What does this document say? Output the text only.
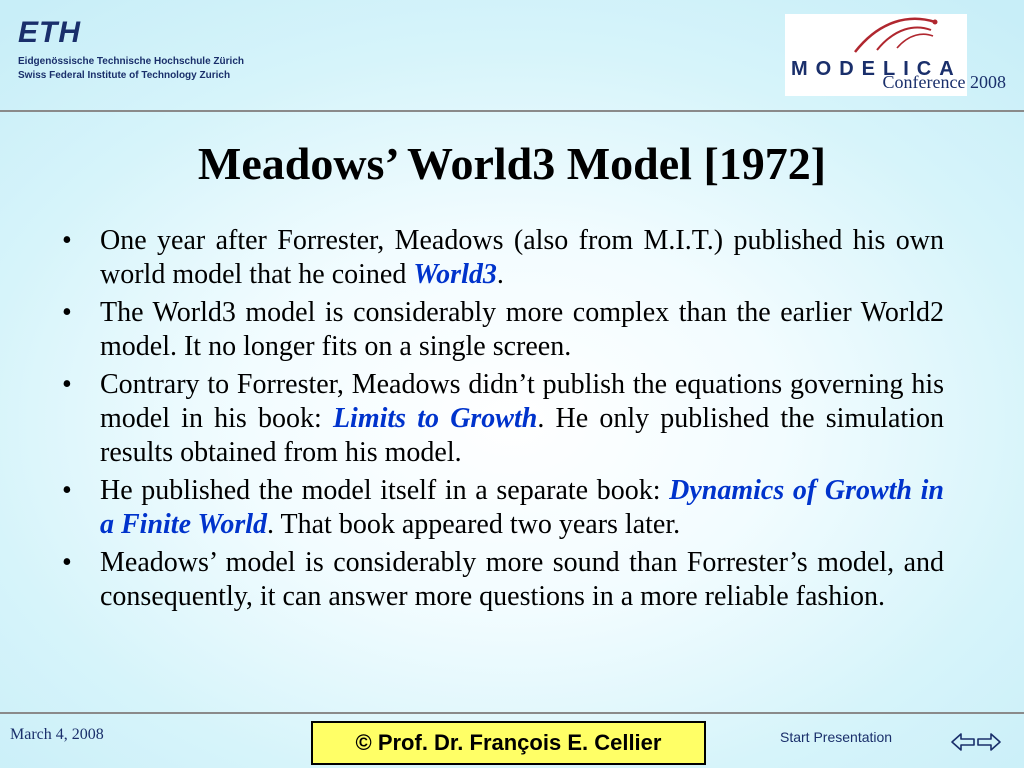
ETH
Eidgenössische Technische Hochschule Zürich
Swiss Federal Institute of Technology Zurich	MODELICA
Conference 2008
Meadows’ World3 Model [1972]
• One year after Forrester, Meadows (also from M.I.T.) published his own world model that he coined World3.
• The World3 model is considerably more complex than the earlier World2 model. It no longer fits on a single screen.
• Contrary to Forrester, Meadows didn’t publish the equations governing his model in his book: Limits to Growth. He only published the simulation results obtained from his model.
• He published the model itself in a separate book: Dynamics of Growth in a Finite World. That book appeared two years later.
• Meadows’ model is considerably more sound than Forrester’s model, and consequently, it can answer more questions in a more reliable fashion.
March 4, 2008	© Prof. Dr. François E. Cellier	Start Presentation
